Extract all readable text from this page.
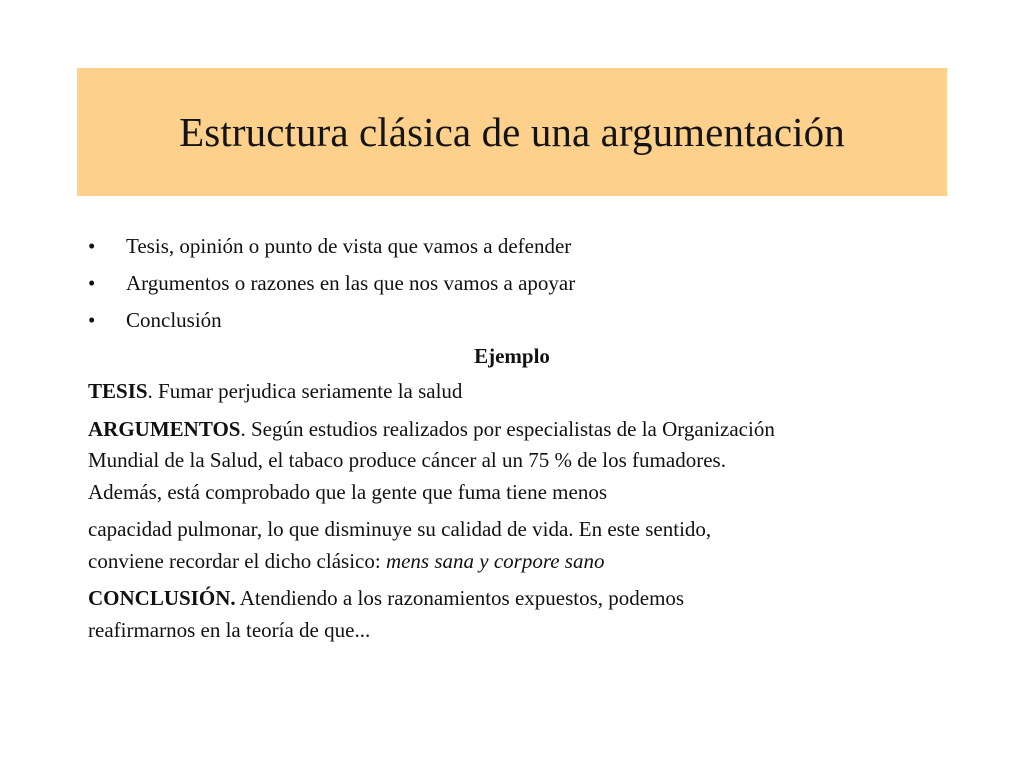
Estructura clásica de una argumentación
• Tesis, opinión o punto de vista que vamos a defender
• Argumentos o razones en las que nos vamos a apoyar
• Conclusión
Ejemplo
TESIS. Fumar perjudica seriamente la salud
ARGUMENTOS. Según estudios realizados por especialistas de la Organización
Mundial de la Salud, el tabaco produce cáncer al un 75 % de los fumadores.
Además, está comprobado que la gente que fuma tiene menos
capacidad pulmonar, lo que disminuye su calidad de vida. En este sentido,
conviene recordar el dicho clásico: mens sana y corpore sano
CONCLUSIÓN. Atendiendo a los razonamientos expuestos, podemos
reafirmarnos en la teoría de que...
